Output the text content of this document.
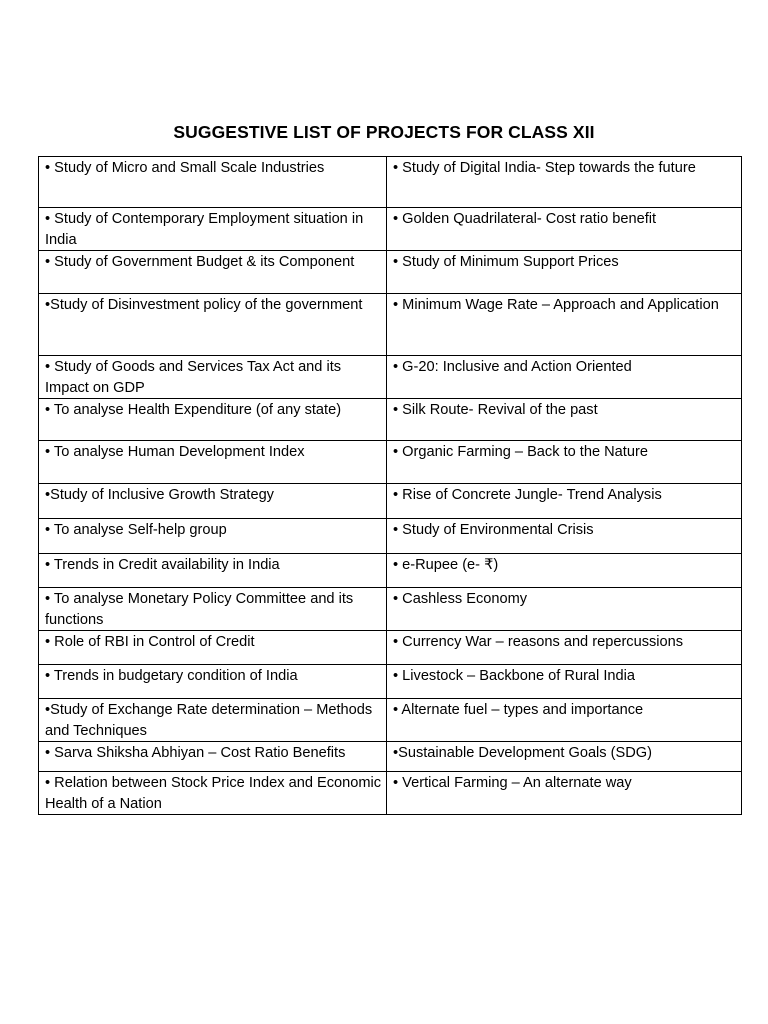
SUGGESTIVE LIST OF PROJECTS FOR CLASS XII
• Study of Micro and Small Scale Industries	• Study of Digital India- Step towards the future
• Study of Contemporary Employment situation in India	• Golden Quadrilateral- Cost ratio benefit
• Study of Government Budget & its Component	• Study of Minimum Support Prices
•Study of Disinvestment policy of the government	• Minimum Wage Rate – Approach and Application
• Study of Goods and Services Tax Act and its Impact on GDP	• G-20: Inclusive and Action Oriented
• To analyse Health Expenditure (of any state)	• Silk Route- Revival of the past
• To analyse Human Development Index	• Organic Farming – Back to the Nature
•Study of Inclusive Growth Strategy	• Rise of Concrete Jungle- Trend Analysis
• To analyse Self-help group	• Study of Environmental Crisis
• Trends in Credit availability in India	• e-Rupee (e- ₹)
• To analyse Monetary Policy Committee and its functions	• Cashless Economy
• Role of RBI in Control of Credit	• Currency War – reasons and repercussions
• Trends in budgetary condition of India	• Livestock – Backbone of Rural India
•Study of Exchange Rate determination – Methods and Techniques	• Alternate fuel – types and importance
• Sarva Shiksha Abhiyan – Cost Ratio Benefits	•Sustainable Development Goals (SDG)
• Relation between Stock Price Index and Economic Health of a Nation	• Vertical Farming – An alternate way
